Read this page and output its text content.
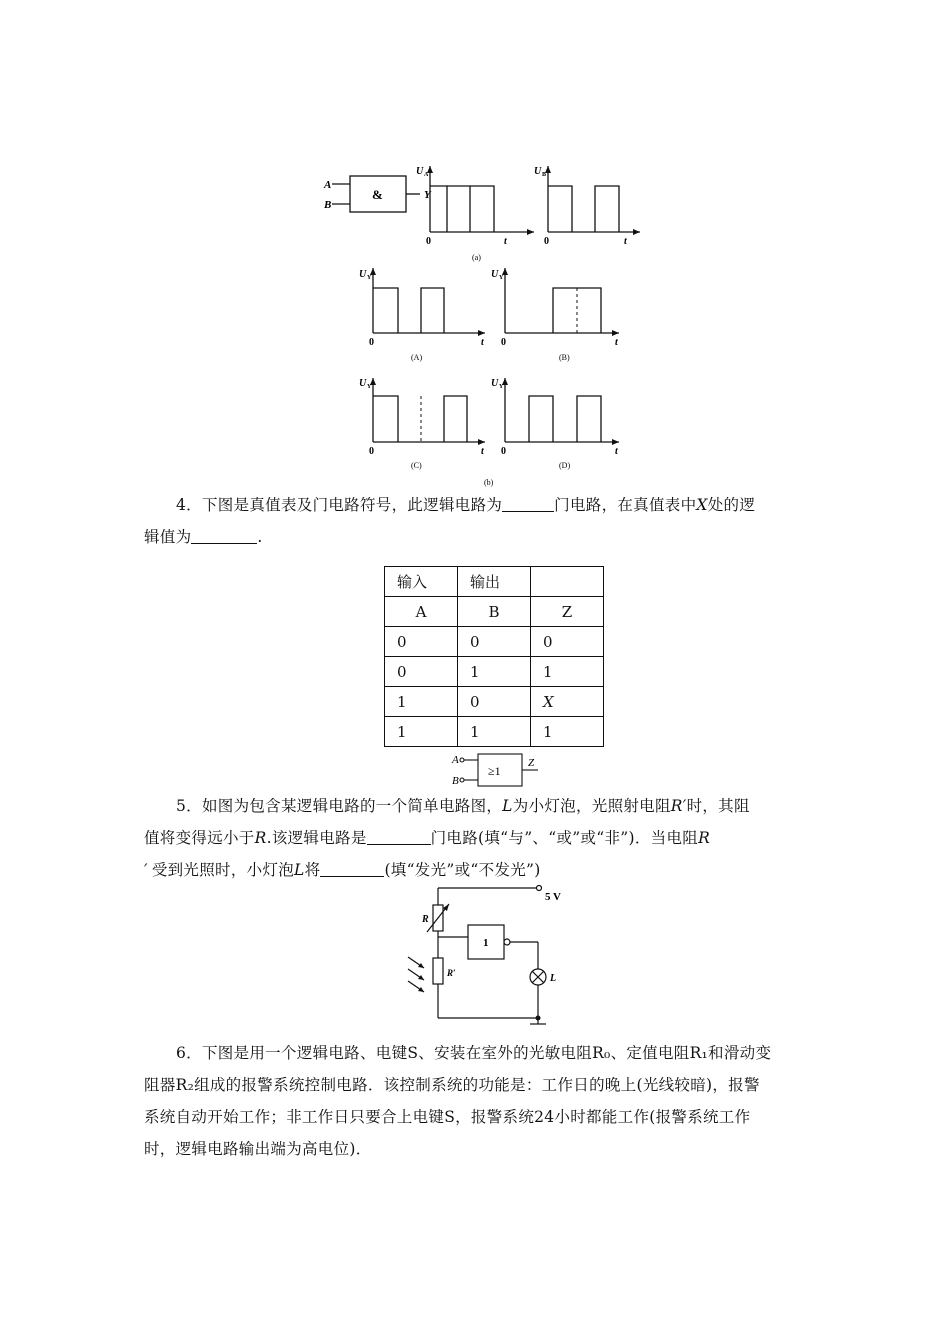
A
B
&	Y
U A	U B
0	t	0	t
(a)
U Y	U Y
U Y	U Y
0	0
0	0
t	t
t	t
(A)	(B)
(C)	(D)
(b)
4．下图是真值表及门电路符号，此逻辑电路为	门电路，在真值表中X处的逻
辑值为	.
输入	输出	
A	B	Z
0	0	0
0	1	1
1	0	X
1	1	1
A
B
≥1
Z
5．如图为包含某逻辑电路的一个简单电路图，L为小灯泡，光照射电阻R′时，其阻
值将变得远小于R.该逻辑电路是	门电路(填“与”、“或”或“非”)．当电阻R
′ 受到光照时，小灯泡L将	(填“发光”或“不发光”)
5 V
R
R′
1
L
6．下图是用一个逻辑电路、电键S、安装在室外的光敏电阻R₀、定值电阻R₁和滑动变
阻器R₂组成的报警系统控制电路．该控制系统的功能是：工作日的晚上(光线较暗)，报警
系统自动开始工作；非工作日只要合上电键S，报警系统24小时都能工作(报警系统工作
时，逻辑电路输出端为高电位)．
